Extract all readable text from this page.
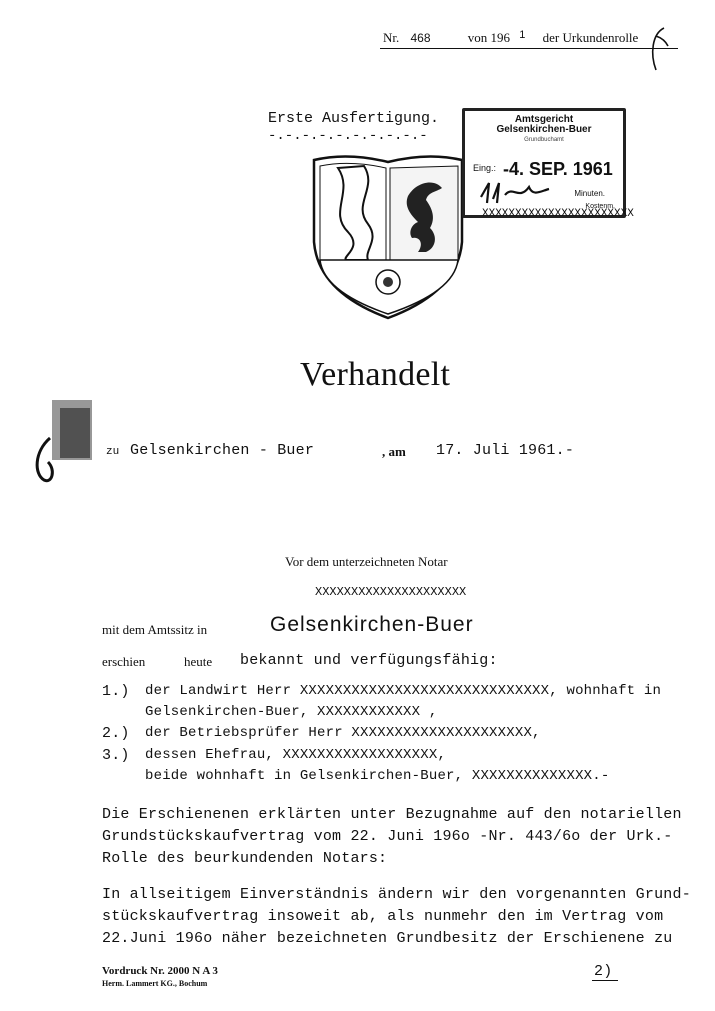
Nr. 468	von 196 $^1$ der Urkundenrolle
Erste Ausfertigung.
-.-.-.-.-.-.-.-.-.-
Amtsgericht
Gelsenkirchen-Buer
Grundbuchamt
Eing.: -4. SEP. 1961
Minuten.
Kostenm.
XXXXXXXXXXXXXXXXXXXXXXX
Verhandelt
zu Gelsenkirchen - Buer	, am 17. Juli 1961.-
Vor dem unterzeichneten Notar
XXXXXXXXXXXXXXXXXXXXX
mit dem Amtssitz in	Gelsenkirchen-Buer
erschien	heute bekannt und verfügungsfähig:
1.) der Landwirt Herr XXXXXXXXXXXXXXXXXXXXXXXXXXXXX, wohnhaft in
Gelsenkirchen-Buer, XXXXXXXXXXXX ,
2.) der Betriebsprüfer Herr XXXXXXXXXXXXXXXXXXXXX,
3.) dessen Ehefrau, XXXXXXXXXXXXXXXXXX,
beide wohnhaft in Gelsenkirchen-Buer, XXXXXXXXXXXXXX.-
Die Erschienenen erklärten unter Bezugnahme auf den notariellen
Grundstückskaufvertrag vom 22. Juni 196o -Nr. 443/6o der Urk.-
Rolle des beurkundenden Notars:
In allseitigem Einverständnis ändern wir den vorgenannten Grund-
stückskaufvertrag insoweit ab, als nunmehr den im Vertrag vom
22.Juni 196o näher bezeichneten Grundbesitz der Erschienene zu
Vordruck Nr. 2000 N A 3
Herm. Lammert KG., Bochum
2)
